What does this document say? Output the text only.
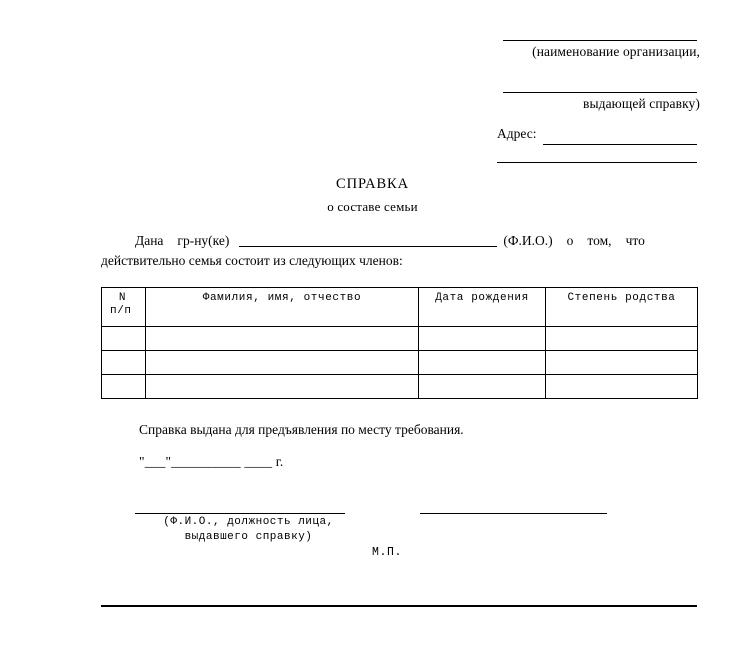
(наименование организации,
выдающей справку)
Адрес:
СПРАВКА
о составе семьи
Дана гр-ну(ке)	(Ф.И.О.) о том, что действительно семья состоит из следующих членов:
N
п/п	Фамилия, имя, отчество	Дата рождения	Степень родства

Справка выдана для предъявления по месту требования.
"___"__________ ____ г.
(Ф.И.О., должность лица,
выдавшего справку)
М.П.
